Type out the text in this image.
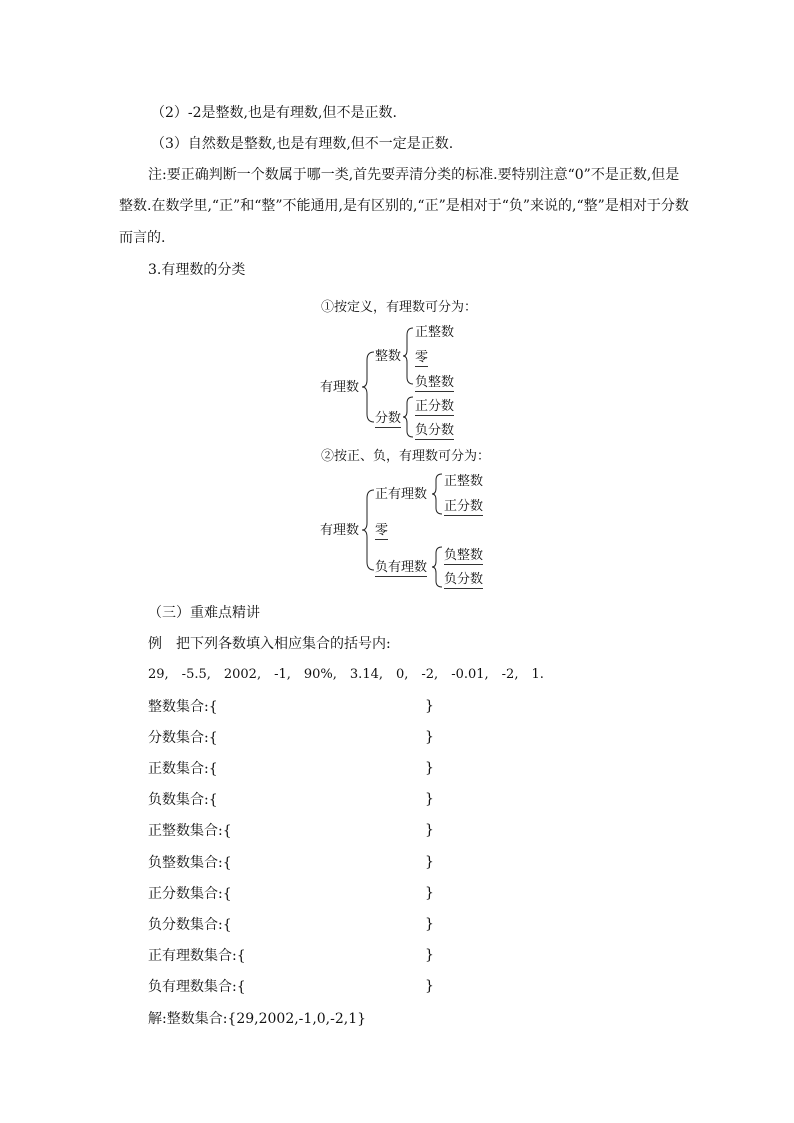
（2）-2是整数,也是有理数,但不是正数.
（3）自然数是整数,也是有理数,但不一定是正数.
注:要正确判断一个数属于哪一类,首先要弄清分类的标准.要特别注意“0”不是正数,但是
整数.在数学里,“正”和“整”不能通用,是有区别的,“正”是相对于“负”来说的,“整”是相对于分数
而言的.
3.有理数的分类
①按定义，有理数可分为：
有理数
整数
正整数
零
负整数
分数
正分数
负分数
②按正、负，有理数可分为：
有理数
正有理数
正整数
正分数
零
负有理数
负整数
负分数
（三）重难点精讲
例　把下列各数填入相应集合的括号内:
29,　-5.5,　2002,　-1,　90%,　3.14,　0,　-2,　-0.01,　-2,　1.
整数集合:{	}
分数集合:{	}
正数集合:{	}
负数集合:{	}
正整数集合:{	}
负整数集合:{	}
正分数集合:{	}
负分数集合:{	}
正有理数集合:{	}
负有理数集合:{	}
解:整数集合:{29,2002,-1,0,-2,1}
